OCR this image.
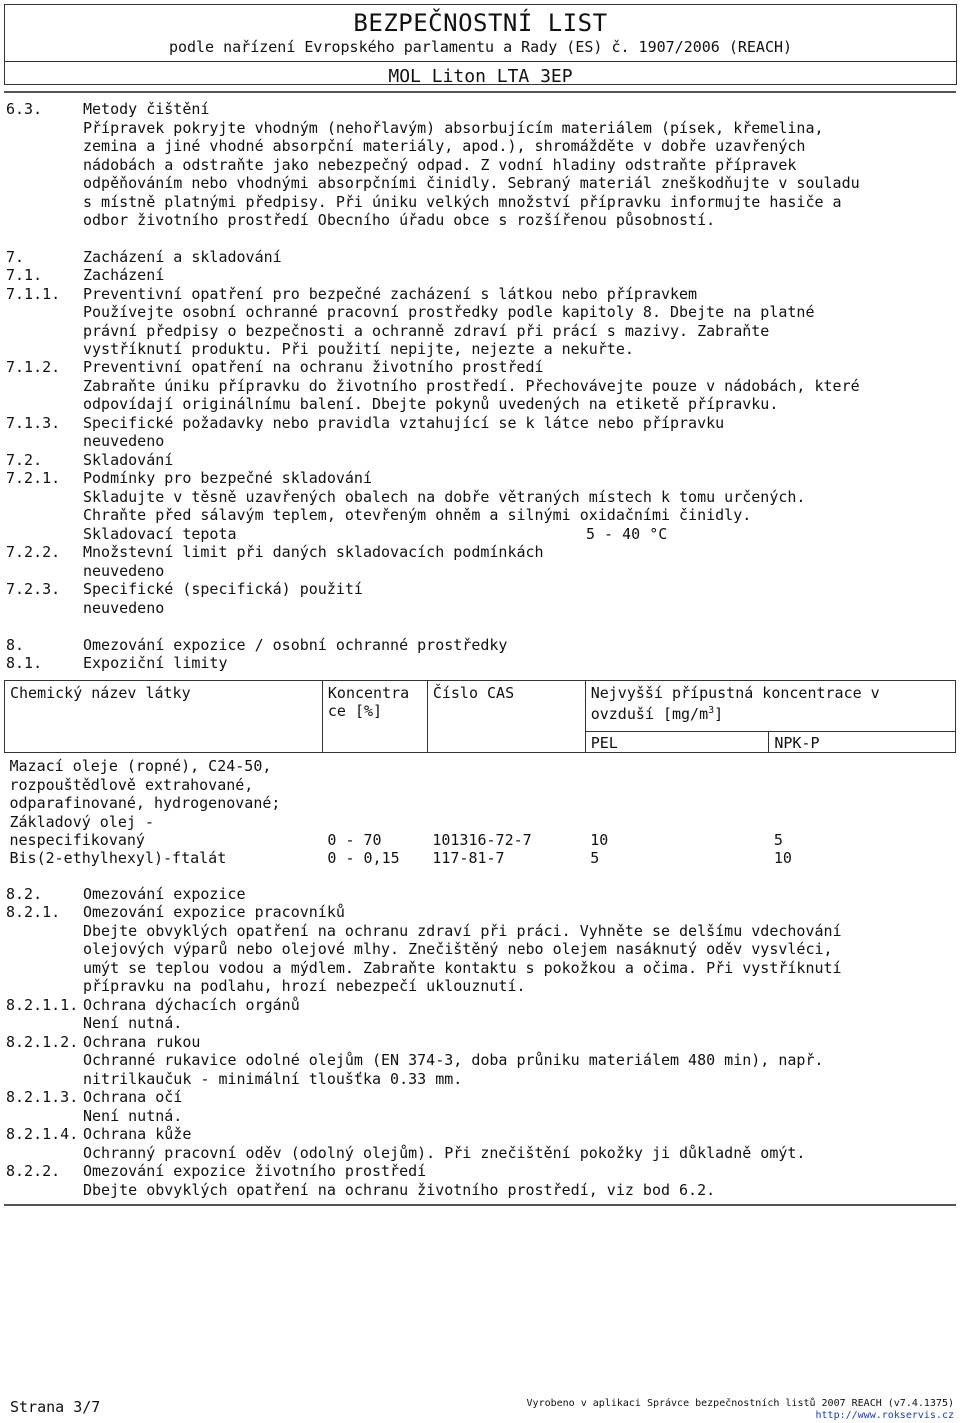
BEZPEČNOSTNÍ LIST
podle nařízení Evropského parlamentu a Rady (ES) č. 1907/2006 (REACH)
MOL Liton LTA 3EP
6.3.	Metody čištění
Přípravek pokryjte vhodným (nehořlavým) absorbujícím materiálem (písek, křemelina,
zemina a jiné vhodné absorpční materiály, apod.), shromážděte v dobře uzavřených
nádobách a odstraňte jako nebezpečný odpad. Z vodní hladiny odstraňte přípravek
odpěňováním nebo vhodnými absorpčními činidly. Sebraný materiál zneškodňujte v souladu
s místně platnými předpisy. Při úniku velkých množství přípravku informujte hasiče a
odbor životního prostředí Obecního úřadu obce s rozšířenou působností.
7.	Zacházení a skladování
7.1.	Zacházení
7.1.1. Preventivní opatření pro bezpečné zacházení s látkou nebo přípravkem
Používejte osobní ochranné pracovní prostředky podle kapitoly 8. Dbejte na platné
právní předpisy o bezpečnosti a ochranně zdraví při prácí s mazivy. Zabraňte
vystříknutí produktu. Při použití nepijte, nejezte a nekuřte.
7.1.2. Preventivní opatření na ochranu životního prostředí
Zabraňte úniku přípravku do životního prostředí. Přechovávejte pouze v nádobách, které
odpovídají originálnímu balení. Dbejte pokynů uvedených na etiketě přípravku.
7.1.3. Specifické požadavky nebo pravidla vztahující se k látce nebo přípravku
neuvedeno
7.2.	Skladování
7.2.1. Podmínky pro bezpečné skladování
Skladujte v těsně uzavřených obalech na dobře větraných místech k tomu určených.
Chraňte před sálavým teplem, otevřeným ohněm a silnými oxidačními činidly.
Skladovací tepota	5 - 40 °C
7.2.2. Množstevní limit při daných skladovacích podmínkách
neuvedeno
7.2.3. Specifické (specifická) použití
neuvedeno
8.	Omezování expozice / osobní ochranné prostředky
8.1.	Expoziční limity
Chemický název látky	Koncentra
ce [%]	Číslo CAS	Nejvyšší přípustná koncentrace v
ovzduší $[mg/m^3]$	
			PEL	NPK-P
Mazací oleje (ropné), C24-50,
rozpouštědlově extrahované,
odparafinované, hydrogenované;
Základový olej -
nespecifikovaný	0 - 70	101316-72-7	10	5
Bis(2-ethylhexyl)-ftalát	0 - 0,15	117-81-7	5	10
8.2.	Omezování expozice
8.2.1. Omezování expozice pracovníků
Dbejte obvyklých opatření na ochranu zdraví při práci. Vyhněte se delšímu vdechování
olejových výparů nebo olejové mlhy. Znečištěný nebo olejem nasáknutý oděv vysvléci,
umýt se teplou vodou a mýdlem. Zabraňte kontaktu s pokožkou a očima. Při vystříknutí
přípravku na podlahu, hrozí nebezpečí uklouznutí.
8.2.1.1. Ochrana dýchacích orgánů
Není nutná.
8.2.1.2. Ochrana rukou
Ochranné rukavice odolné olejům (EN 374-3, doba průniku materiálem 480 min), např.
nitrilkaučuk - minimální tloušťka 0.33 mm.
8.2.1.3. Ochrana očí
Není nutná.
8.2.1.4. Ochrana kůže
Ochranný pracovní oděv (odolný olejům). Při znečištění pokožky ji důkladně omýt.
8.2.2. Omezování expozice životního prostředí
Dbejte obvyklých opatření na ochranu životního prostředí, viz bod 6.2.
Strana 3/7	Vyrobeno v aplikaci Správce bezpečnostních listů 2007 REACH (v7.4.1375)
http://www.rokservis.cz
